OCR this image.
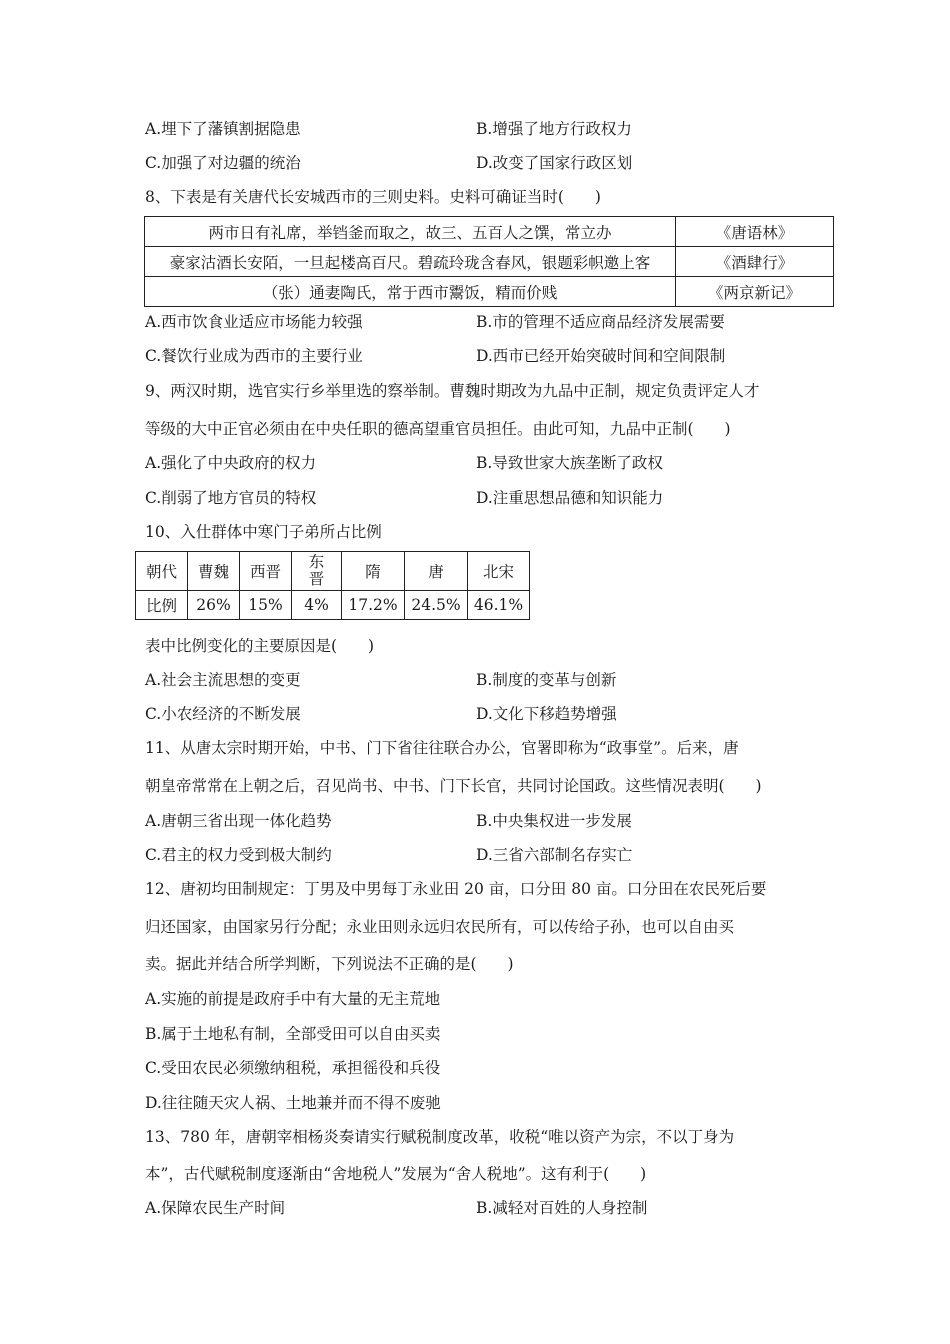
A.埋下了藩镇割据隐患	B.增强了地方行政权力
C.加强了对边疆的统治	D.改变了国家行政区划
8、下表是有关唐代长安城西市的三则史料。史料可确证当时(　　)
两市日有礼席，举铛釜而取之，故三、五百人之馔，常立办	《唐语林》
豪家沽酒长安陌，一旦起楼高百尺。碧疏玲珑含春风，银题彩帜邀上客	《酒肆行》
（张）通妻陶氏，常于西市鬻饭，精而价贱	《两京新记》
A.西市饮食业适应市场能力较强	B.市的管理不适应商品经济发展需要
C.餐饮行业成为西市的主要行业	D.西市已经开始突破时间和空间限制
9、两汉时期，选官实行乡举里选的察举制。曹魏时期改为九品中正制，规定负责评定人才
等级的大中正官必须由在中央任职的德高望重官员担任。由此可知，九品中正制(　　)
A.强化了中央政府的权力	B.导致世家大族垄断了政权
C.削弱了地方官员的特权	D.注重思想品德和知识能力
10、入仕群体中寒门子弟所占比例
朝代	曹魏	西晋	东晋	隋	唐	北宋
比例	26%	15%	4%	17.2%	24.5%	46.1%
表中比例变化的主要原因是(　　)
A.社会主流思想的变更	B.制度的变革与创新
C.小农经济的不断发展	D.文化下移趋势增强
11、从唐太宗时期开始，中书、门下省往往联合办公，官署即称为“政事堂”。后来，唐
朝皇帝常常在上朝之后，召见尚书、中书、门下长官，共同讨论国政。这些情况表明(　　)
A.唐朝三省出现一体化趋势	B.中央集权进一步发展
C.君主的权力受到极大制约	D.三省六部制名存实亡
12、唐初均田制规定：丁男及中男每丁永业田 20 亩，口分田 80 亩。口分田在农民死后要
归还国家，由国家另行分配；永业田则永远归农民所有，可以传给子孙，也可以自由买
卖。据此并结合所学判断，下列说法不正确的是(　　)
A.实施的前提是政府手中有大量的无主荒地
B.属于土地私有制，全部受田可以自由买卖
C.受田农民必须缴纳租税，承担徭役和兵役
D.往往随天灾人祸、土地兼并而不得不废驰
13、780 年，唐朝宰相杨炎奏请实行赋税制度改革，收税“唯以资产为宗，不以丁身为
本”，古代赋税制度逐渐由“舍地税人”发展为“舍人税地”。这有利于(　　)
A.保障农民生产时间	B.减轻对百姓的人身控制
